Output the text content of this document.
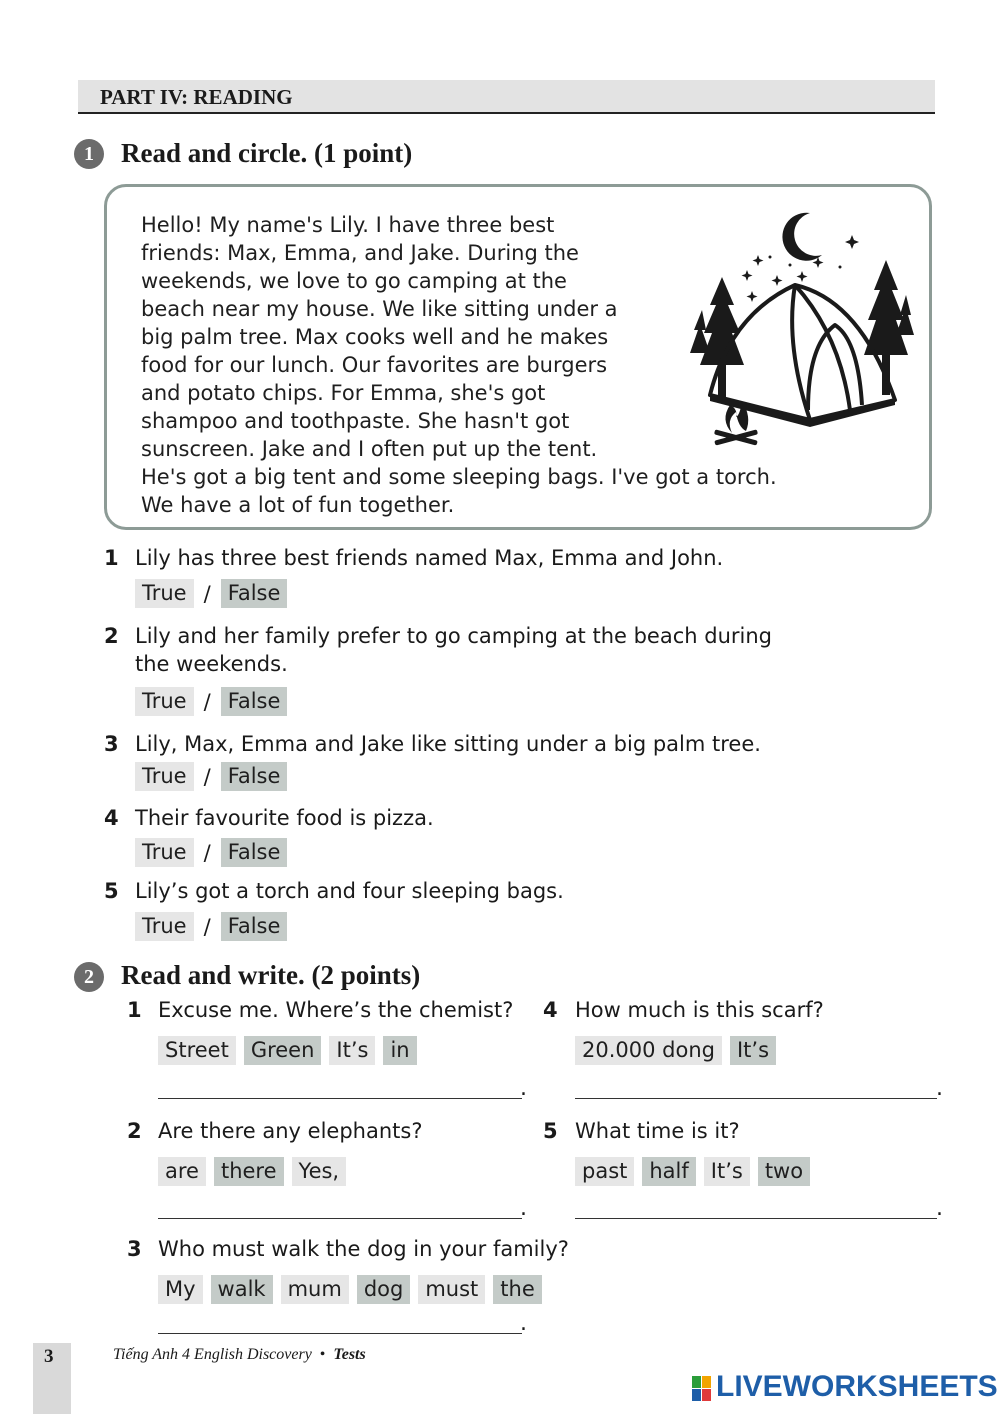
PART IV: READING
1	Read and circle. (1 point)
Hello! My name's Lily. I have three best
friends: Max, Emma, and Jake. During the
weekends, we love to go camping at the
beach near my house. We like sitting under a
big palm tree. Max cooks well and he makes
food for our lunch. Our favorites are burgers
and potato chips. For Emma, she's got
shampoo and toothpaste. She hasn't got
sunscreen. Jake and I often put up the tent.
He's got a big tent and some sleeping bags. I've got a torch.
We have a lot of fun together.
1 Lily has three best friends named Max, Emma and John.
True / False
2 Lily and her family prefer to go camping at the beach during
the weekends.
True / False
3 Lily, Max, Emma and Jake like sitting under a big palm tree.
True / False
4 Their favourite food is pizza.
True / False
5 Lily’s got a torch and four sleeping bags.
True / False
2	Read and write. (2 points)
1 Excuse me. Where’s the chemist?
Street	Green	It’s	in
.
2 Are there any elephants?
are	there	Yes,
.
3 Who must walk the dog in your family?
My	walk	mum	dog	must	the
.
4 How much is this scarf?
20.000 dong	It’s
.
5 What time is it?
past	half	It’s	two
.
3	Tiếng Anh 4 English Discovery • Tests
LIVEWORKSHEETS
